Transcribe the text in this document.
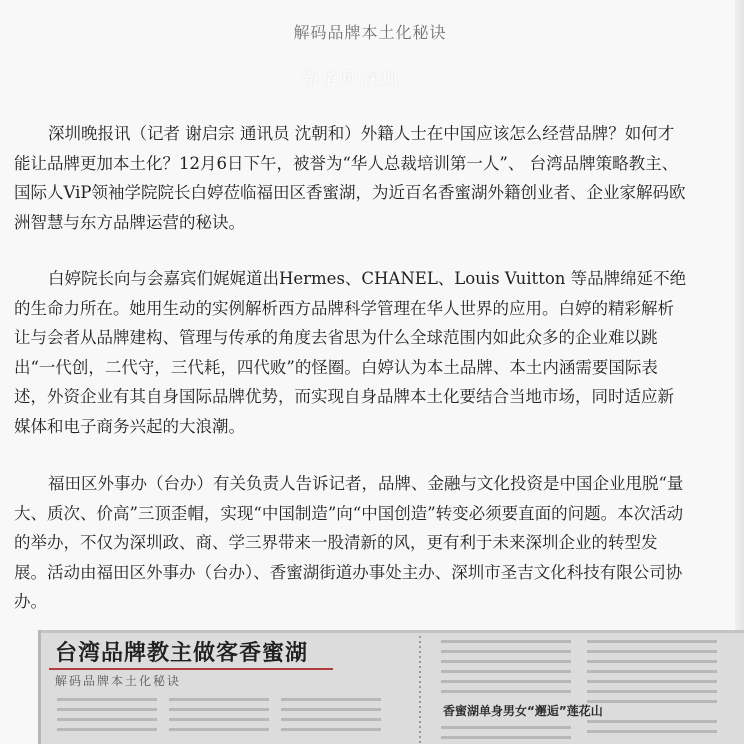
解码品牌本土化秘诀
新华网·深圳

深圳晚报讯（记者 谢启宗 通讯员 沈朝和）外籍人士在中国应该怎么经营品牌？如何才能让品牌更加本土化？12月6日下午，被誉为“华人总裁培训第一人”、 台湾品牌策略教主、国际人ViP领袖学院院长白婷莅临福田区香蜜湖，为近百名香蜜湖外籍创业者、企业家解码欧洲智慧与东方品牌运营的秘诀。

白婷院长向与会嘉宾们娓娓道出Hermes、CHANEL、Louis Vuitton 等品牌绵延不绝的生命力所在。她用生动的实例解析西方品牌科学管理在华人世界的应用。白婷的精彩解析让与会者从品牌建构、管理与传承的角度去省思为什么全球范围内如此众多的企业难以跳出“一代创，二代守，三代耗，四代败”的怪圈。白婷认为本土品牌、本土内涵需要国际表述，外资企业有其自身国际品牌优势，而实现自身品牌本土化要结合当地市场，同时适应新媒体和电子商务兴起的大浪潮。

福田区外事办（台办）有关负责人告诉记者，品牌、金融与文化投资是中国企业甩脱“量大、质次、价高”三顶歪帽，实现“中国制造”向“中国创造”转变必须要直面的问题。本次活动的举办，不仅为深圳政、商、学三界带来一股清新的风，更有利于未来深圳企业的转型发展。活动由福田区外事办（台办）、香蜜湖街道办事处主办、深圳市圣吉文化科技有限公司协办。

台湾品牌教主做客香蜜湖
解码品牌本土化秘诀
香蜜湖单身男女“邂逅”莲花山
